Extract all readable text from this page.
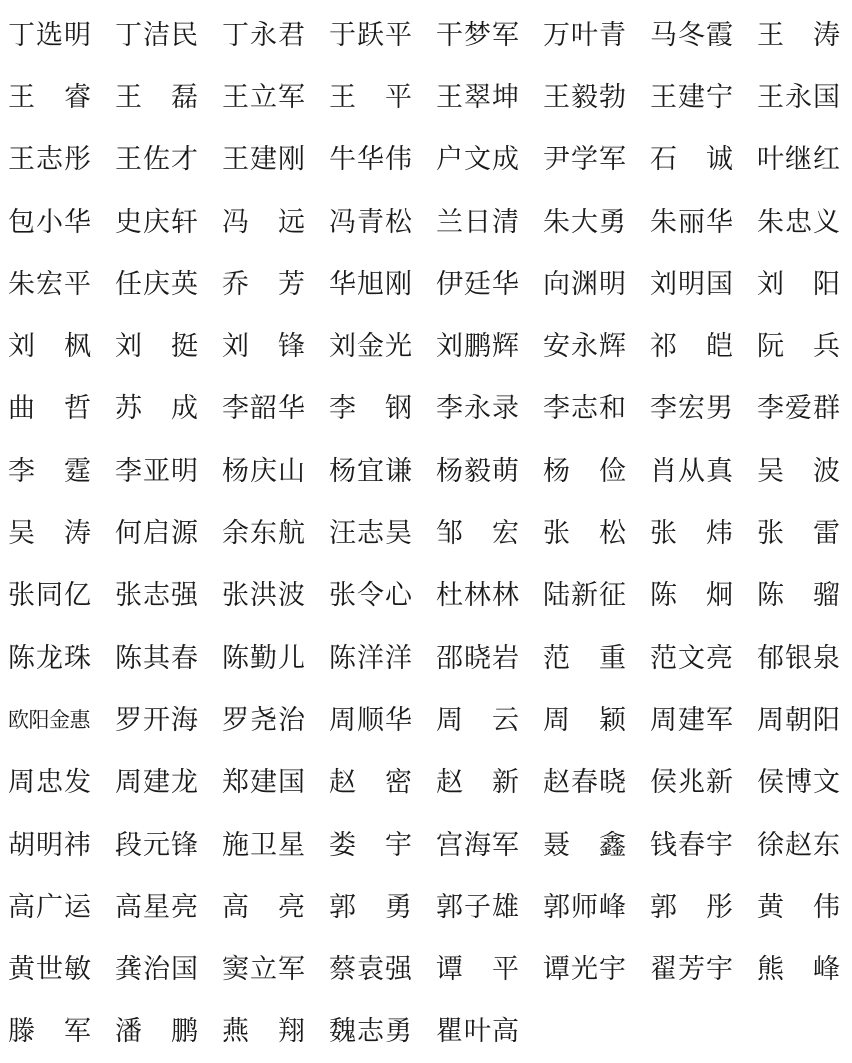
丁 选 明 丁 洁 民 丁 永 君 于 跃 平 干 梦 军 万 叶 青 马 冬 霞 王 涛
王 睿 王 磊 王 立 军 王 平 王 翠 坤 王 毅 勃 王 建 宁 王 永 国
王 志 彤 王 佐 才 王 建 刚 牛 华 伟 户 文 成 尹 学 军 石 诚 叶 继 红
包 小 华 史 庆 轩 冯 远 冯 青 松 兰 日 清 朱 大 勇 朱 丽 华 朱 忠 义
朱 宏 平 任 庆 英 乔 芳 华 旭 刚 伊 廷 华 向 渊 明 刘 明 国 刘 阳
刘 枫 刘 挺 刘 锋 刘 金 光 刘 鹏 辉 安 永 辉 祁 皑 阮 兵
曲 哲 苏 成 李 韶 华 李 钢 李 永 录 李 志 和 李 宏 男 李 爱 群
李 霆 李 亚 明 杨 庆 山 杨 宜 谦 杨 毅 萌 杨 俭 肖 从 真 吴 波
吴 涛 何 启 源 余 东 航 汪 志 昊 邹 宏 张 松 张 炜 张 雷
张 同 亿 张 志 强 张 洪 波 张 令 心 杜 林 林 陆 新 征 陈 炯 陈 骝
陈 龙 珠 陈 其 春 陈 勤 儿 陈 洋 洋 邵 晓 岩 范 重 范 文 亮 郁 银 泉
欧 阳 金 惠 罗 开 海 罗 尧 治 周 顺 华 周 云 周 颖 周 建 军 周 朝 阳
周 忠 发 周 建 龙 郑 建 国 赵 密 赵 新 赵 春 晓 侯 兆 新 侯 博 文
胡 明 祎 段 元 锋 施 卫 星 娄 宇 宫 海 军 聂 鑫 钱 春 宇 徐 赵 东
高 广 运 高 星 亮 高 亮 郭 勇 郭 子 雄 郭 师 峰 郭 彤 黄 伟
黄 世 敏 龚 治 国 窦 立 军 蔡 袁 强 谭 平 谭 光 宇 翟 芳 宇 熊 峰
滕 军 潘 鹏 燕 翔 魏 志 勇 瞿 叶 高
